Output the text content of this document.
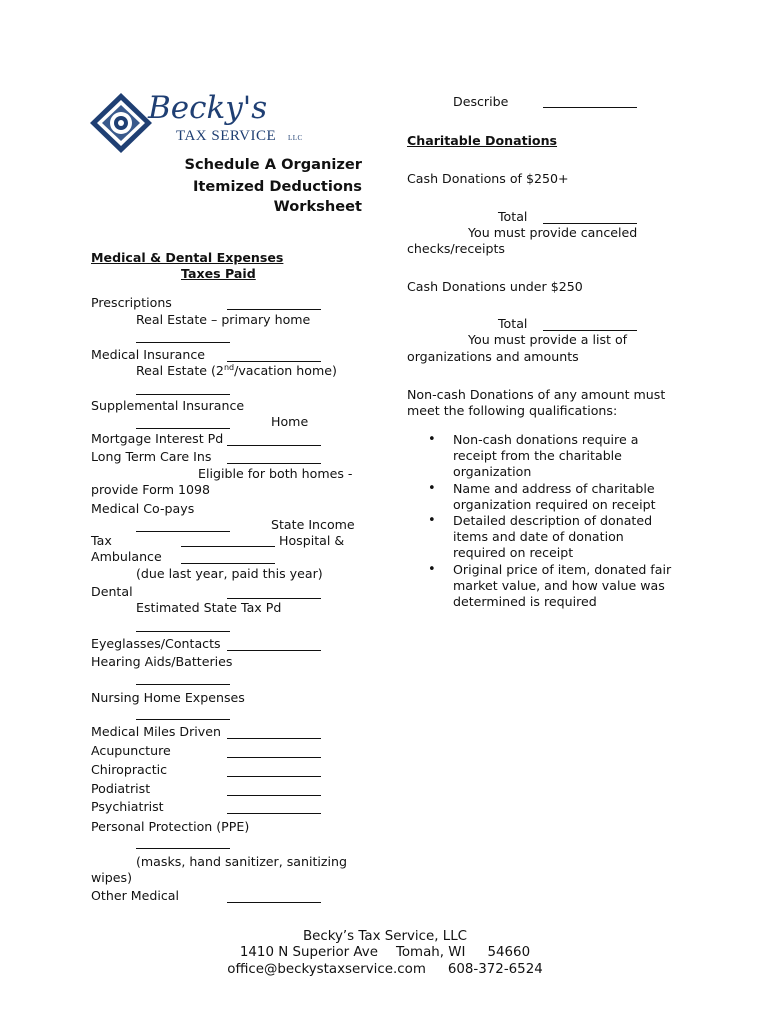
Becky's
TAX SERVICE LLC
Schedule A Organizer
Itemized Deductions
Worksheet
Medical & Dental Expenses
Taxes Paid
Prescriptions
Real Estate – primary home
Medical Insurance
Real Estate (2nd/vacation home)
Supplemental Insurance
Home
Mortgage Interest Pd
Long Term Care Ins
Eligible for both homes -
provide Form 1098
Medical Co-pays
State Income
Tax	Hospital &
Ambulance
(due last year, paid this year)
Dental
Estimated State Tax Pd
Eyeglasses/Contacts
Hearing Aids/Batteries
Nursing Home Expenses
Medical Miles Driven
Acupuncture
Chiropractic
Podiatrist
Psychiatrist
Personal Protection (PPE)
(masks, hand sanitizer, sanitizing
wipes)
Other Medical
Describe
Charitable Donations
Cash Donations of $250+
Total
You must provide canceled
checks/receipts
Cash Donations under $250
Total
You must provide a list of
organizations and amounts
Non-cash Donations of any amount must
meet the following qualifications:
• Non-cash donations require a
receipt from the charitable
organization
• Name and address of charitable
organization required on receipt
• Detailed description of donated
items and date of donation
required on receipt
• Original price of item, donated fair
market value, and how value was
determined is required
Becky’s Tax Service, LLC
1410 N Superior Ave Tomah, WI 54660
office@beckystaxservice.com 608-372-6524
